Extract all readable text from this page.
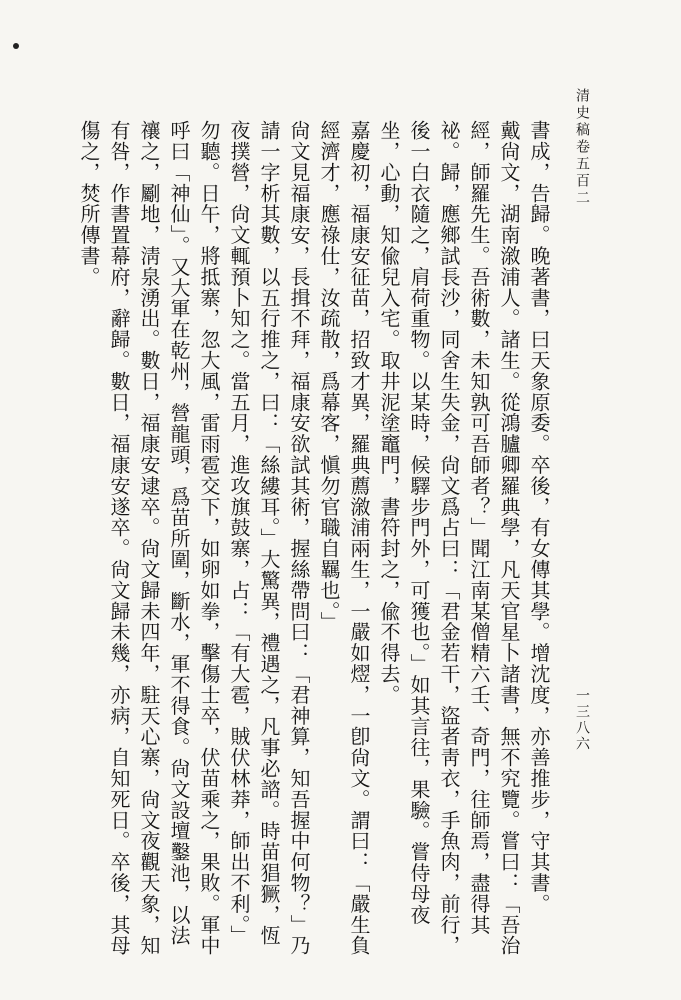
清史稿卷五百二
一三八六

書成，告歸。晚著書，曰天象原委。卒後，有女傳其學。增沈度，亦善推步，守其書。

戴尙文，湖南漵浦人。諸生。從鴻臚卿羅典學，凡天官星卜諸書，無不究覽。嘗曰：「吾治經，師羅先生。吾術數，未知孰可吾師者？」聞江南某僧精六壬、奇門，往師焉，盡得其祕。歸，應鄉試長沙，同舍生失金，尙文爲占曰：「君金若干，盜者靑衣，手魚肉，前行，後一白衣隨之，肩荷重物。以某時，候驛步門外，可獲也。」如其言往，果驗。嘗侍母夜坐，心動，知偸兒入宅。取井泥塗竈門，書符封之，偸不得去。

嘉慶初，福康安征苗，招致才異，羅典薦漵浦兩生，一嚴如熤，一卽尙文。謂曰：「嚴生負經濟才，應祿仕，汝疏散，爲幕客，愼勿官職自羈也。」

尙文見福康安，長揖不拜，福康安欲試其術，握絲帶問曰：「君神算，知吾握中何物？」乃請一字析其數，以五行推之，曰：「絲縷耳。」大驚異，禮遇之，凡事必諮。時苗猖獗，恆夜撲營，尙文輒預卜知之。當五月，進攻旗鼓寨，占：「有大雹，賊伏林莽，師出不利。」勿聽。日午，將抵寨，忽大風，雷雨雹交下，如卵如拳，擊傷士卒，伏苗乘之，果敗。軍中呼曰「神仙」。又大軍在乾州，營龍頭，爲苗所圍，斷水，軍不得食。尙文設壇鑿池，以法禳之，劚地，淸泉湧出。數日，福康安逮卒。尙文歸未四年，駐天心寨，尙文夜觀天象，知有咎，作書置幕府，辭歸。數日，福康安遂卒。尙文歸未幾，亦病，自知死日。卒後，其母傷之，焚所傳書。
